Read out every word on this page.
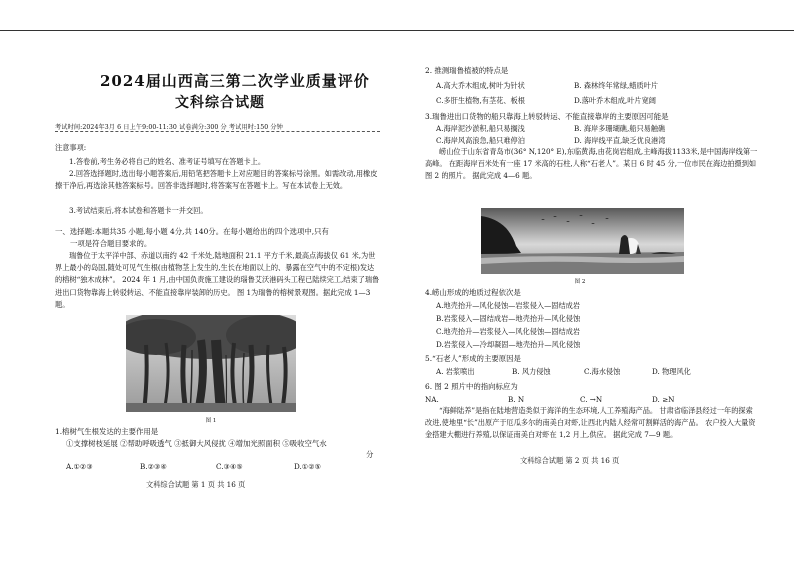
2024届山西高三第二次学业质量评价
文科综合试题
考试时间:2024年3月 6 日上午9:00-11:30 试卷满分:300 分 考试用时:150 分钟
注意事项:
1.答卷前,考生务必将自己的姓名、准考证号填写在答题卡上。
2.回答选择题时,选出每小题答案后,用铅笔把答题卡上对应题目的答案标号涂黑。如需改动,用橡皮擦干净后,再选涂其他答案标号。回答非选择题时,将答案写在答题卡上。写在本试卷上无效。
3.考试结束后,将本试卷和答题卡一并交回。
一、选择题:本题共35 小题,每小题 4分,共 140分。在每小题给出的四个选项中,只有
一项是符合题目要求的。
瑞鲁位于太平洋中部、赤道以南约 42 千米处,陆地面积 21.1 平方千米,最高点海拔仅 61 米,为世界上最小的岛国,随处可见气生根(由植物茎上发生的,生长在地面以上的、暴露在空气中的不定根)发达的榕树“独木成林”。 2024 年 1 月,由中国负责施工建设的瑙鲁艾沃港码头工程已陆续完工,结束了瑞鲁进出口货物靠海上转驳转运、不能直接靠岸装卸的历史。 图 1为瑞鲁的榕树景观图。据此完成 1—3 题。
图 1
1.榕树气生根发达的主要作用是
①支撑树枝延展 ②帮助呼吸透气 ③抵御大风侵扰 ④增加光照面积 ⑤吸收空气水
分
A.①②③	B.②③④	C.③④⑤	D.①②⑤
文科综合试题 第 1 页 共 16 页
2. 推测瑞鲁植被的特点是
A.高大乔木组成,树叶为针状	B. 森林终年常绿,蜡质叶片
C.多肝生植物,有茎花、板根	D.落叶乔木组成,叶片宽阔
3.瑞鲁进出口货物的船只靠海上转驳转运、不能直接靠岸的主要原因可能是
A.海岸泥沙淤积,船只易搁浅	B. 海岸多珊瑚礁,船只易触礁
C.海岸风高浪急,船只难停泊	D. 海岸线平直,缺乏优良港湾
崂山位于山东省青岛市(36° N,120° E),东临黄海,由花岗岩组成,主峰海拔1133米,是中国海岸线第一高峰。 在距海岸百米处有一座 17 米高的石柱,人称“石老人”。某日 6 时 45 分,一位市民在海边拍摄到如图 2 的照片。 据此完成 4—6 题。
图 2
4.崂山形成的地质过程依次是
A.地壳抬升—风化侵蚀—岩浆侵入—固结成岩
B.岩浆侵入—固结成岩—地壳抬升—风化侵蚀
C.地壳抬升—岩浆侵入—风化侵蚀—固结成岩
D.岩浆侵入—冷却凝固—地壳抬升—风化侵蚀
5.“石老人”形成的主要原因是
A. 岩浆喷出	B. 风力侵蚀	C.海水侵蚀	D. 物理风化
6. 图 2 照片中的指向标应为
NA.	B. N	C. →N	D. ≥N
“海鲜陆养”是指在陆地营造类似于海洋的生态环境,人工养殖海产品。 甘肃省临泽县经过一年的探索改进,使地里“长”出原产于厄瓜多尔的南美白对虾,让西北内陆人经常可割鲜活的海产品。 农户投入大量资金搭建大棚进行养殖,以保证南美白对虾在 1,2 月上,供应。 据此完成 7—9 题。
文科综合试题 第 2 页 共 16 页
